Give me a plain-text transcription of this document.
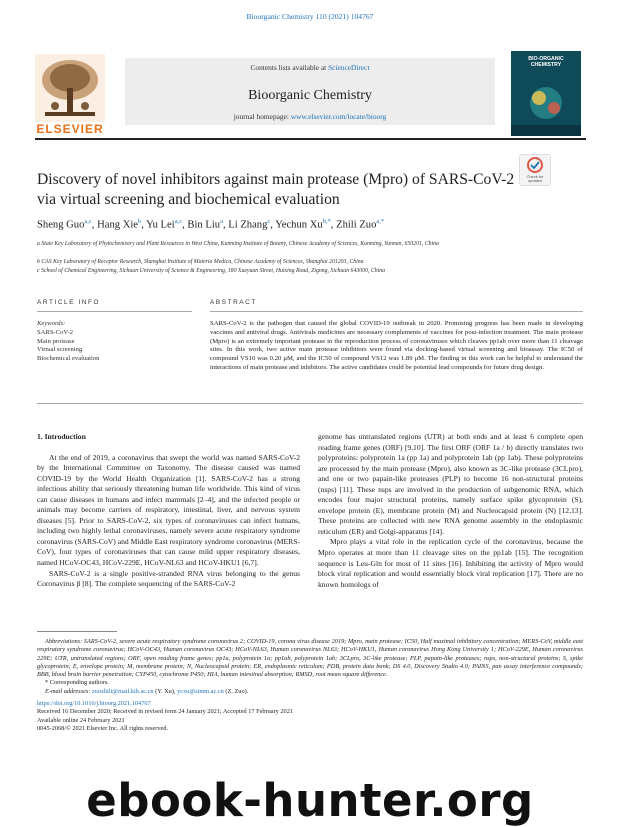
Bioorganic Chemistry 110 (2021) 104767
ELSEVIER
Contents lists available at ScienceDirect
Bioorganic Chemistry
journal homepage: www.elsevier.com/locate/bioorg
BIO-ORGANIC CHEMISTRY
Discovery of novel inhibitors against main protease (Mpro) of SARS-CoV-2 via virtual screening and biochemical evaluation
Check for updates
Sheng Guo$^{a,c}$, Hang Xie$^b$, Yu Lei$^{a,c}$, Bin Liu$^a$, Li Zhang$^c$, Yechun $Xu^{b,*}$, Zhili Zuo$^{a,*}$
a State Key Laboratory of Phytochemistry and Plant Resources in West China, Kunming Institute of Botany, Chinese Academy of Sciences, Kunming, Yunnan, 650201, China
b CAS Key Laboratory of Receptor Research, Shanghai Institute of Materia Medica, Chinese Academy of Sciences, Shanghai 201203, China
c School of Chemical Engineering, Sichuan University of Science & Engineering, 180 Xueyuan Street, Huixing Road, Zigong, Sichuan 643000, China
ARTICLE INFO	ABSTRACT
Keywords:
SARS-CoV-2
Main protease
Virtual screening
Biochemical evaluation
SARS-CoV-2 is the pathogen that caused the global COVID-19 outbreak in 2020. Promising progress has been made in developing vaccines and antiviral drugs. Antivirals medicines are necessary complements of vaccines for post-infection treatment. The main protease (Mpro) is an extremely important protease in the reproduction process of coronaviruses which cleaves pp1ab over more than 11 cleavage sites. In this work, two active main protease inhibitors were found via docking-based virtual screening and bioassay. The IC50 of compound VS10 was 0.20 μM, and the IC50 of compound VS12 was 1.89 μM. The finding in this work can be helpful to understand the interactions of main protease and inhibitors. The active candidates could be potential lead compounds for future drug design.
1. Introduction

At the end of 2019, a coronavirus that swept the world was named SARS-CoV-2 by the International Committee on Taxonomy. The disease caused was named COVID-19 by the World Health Organization [1]. SARS-CoV-2 has a strong infectious ability that seriously threatening human life worldwide. This kind of virus can cause diseases in humans and infect mammals [2–4], and the infected people or animals may become carriers of respiratory, intestinal, liver, and nervous system diseases [5]. Prior to SARS-CoV-2, six types of coronaviruses can infect humans, including two highly lethal coronaviruses, namely severe acute respiratory syndrome coronavirus (SARS-CoV) and Middle East respiratory syndrome coronavirus (MERS-CoV), four types of coronaviruses that can cause mild upper respiratory diseases, named HCoV-OC43, HCoV-229E, HCoV-NL63 and HCoV-HKU1 [6,7].

SARS-CoV-2 is a single positive-stranded RNA virus belonging to the genus Coronavirus β [8]. The complete sequencing of the SARS-CoV-2

genome has untranslated regions (UTR) at both ends and at least 6 complete open reading frame genes (ORF) [9,10]. The first ORF (ORF 1a / b) directly translates two polyproteins: polyprotein 1a (pp 1a) and polyprotein 1ab (pp 1ab). These polyproteins are processed by the main protease (Mpro), also known as 3C-like protease (3CLpro), and one or two papain-like proteases (PLP) to become 16 non-structural proteins (nsps) [11]. These nsps are involved in the production of subgenomic RNA, which encodes four major structural proteins, namely surface spike glycoprotein (S), envelope protein (E), membrane protein (M) and Nucleocapsid protein (N) [12,13]. These proteins are collected with new RNA genome assembly in the endoplasmic reticulum (ER) and Golgi-apparatus [14].

Mpro plays a vital role in the replication cycle of the coronavirus, because the Mpro operates at more than 11 cleavage sites on the pp1ab [15]. The recognition sequence is Leu-Gln for most of 11 sites [16]. Inhibiting the activity of Mpro would block viral replication and would essentially block viral replication [17]. There are no known homologs of

Abbreviations: SARS-CoV-2, severe acute respiratory syndrome coronavirus 2; COVID-19, corona virus disease 2019; Mpro, main protease; IC50, Half maximal inhibitory concentration; MERS-CoV, middle east respiratory syndrome coronavirus; HCoV-OC43, Human coronavirus OC43; HCoV-NL63, Human coronavirus NL63; HCoV-HKU1, Human coronavirus Hong Kong University 1; HCoV-229E, Human coronavirus 229E; UTR, untranslated regions; ORF, open reading frame genes; pp1a, polyprotein 1a; pp1ab, polyprotein 1ab; 3CLpro, 3C-like protease; PLP, papain-like proteases; nsps, non-structural proteins; S, spike glycoprotein; E, envelope protein; M, membrane protein; N, Nucleocapsid protein; ER, endoplasmic reticulum; PDB, protein data bank; DS 4.0, Discovery Studio 4.0; PAINS, pan assay interference compounds; BBB, blood brain barrier penetration; CYP450, cytochrome P450; HIA, human intestinal absorption; RMSD, root mean square difference.
* Corresponding authors.
E-mail addresses: zuozhili@mail.kib.ac.cn (Y. Xu), ycxu@simm.ac.cn (Z. Zuo).
https://doi.org/10.1016/j.bioorg.2021.104767
Received 16 December 2020; Received in revised form 24 January 2021; Accepted 17 February 2021
Available online 24 February 2021
0045-2068/© 2021 Elsevier Inc. All rights reserved.
ebook-hunter.org
